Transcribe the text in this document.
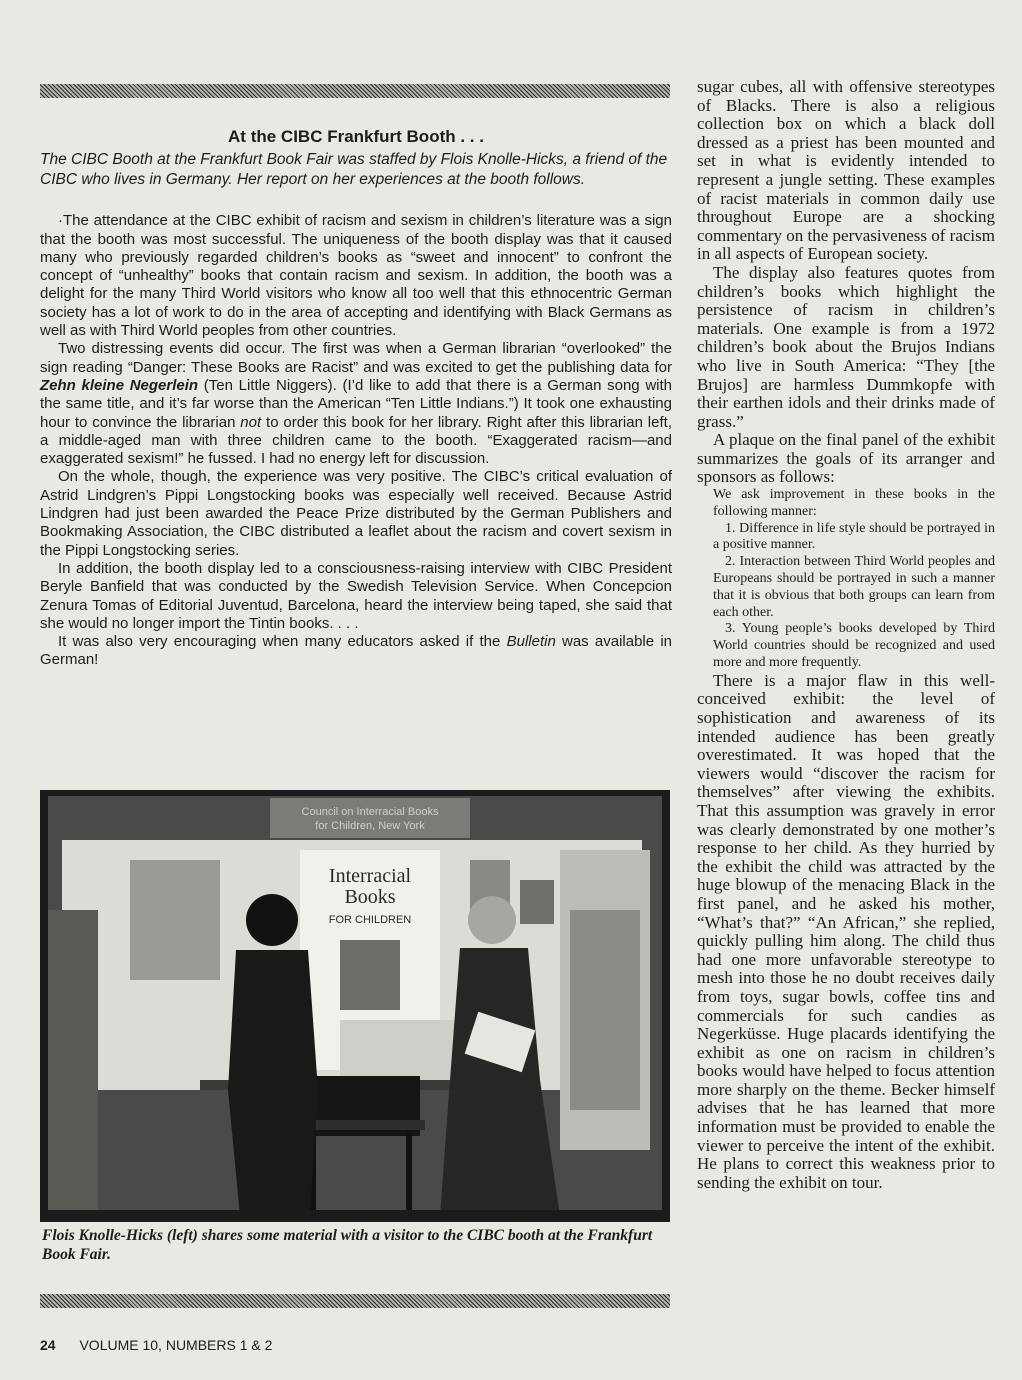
At the CIBC Frankfurt Booth . . .

The CIBC Booth at the Frankfurt Book Fair was staffed by Flois Knolle-Hicks, a friend of the CIBC who lives in Germany. Her report on her experiences at the booth follows.

·The attendance at the CIBC exhibit of racism and sexism in children’s literature was a sign that the booth was most successful. The uniqueness of the booth display was that it caused many who previously regarded children’s books as “sweet and innocent” to confront the concept of “unhealthy” books that contain racism and sexism. In addition, the booth was a delight for the many Third World visitors who know all too well that this ethnocentric German society has a lot of work to do in the area of accepting and identifying with Black Germans as well as with Third World peoples from other countries.

Two distressing events did occur. The first was when a German librarian “overlooked” the sign reading “Danger: These Books are Racist” and was excited to get the publishing data for Zehn kleine Negerlein (Ten Little Niggers). (I’d like to add that there is a German song with the same title, and it’s far worse than the American “Ten Little Indians.”) It took one exhausting hour to convince the librarian not to order this book for her library. Right after this librarian left, a middle-aged man with three children came to the booth. “Exaggerated racism—and exaggerated sexism!” he fussed. I had no energy left for discussion.

On the whole, though, the experience was very positive. The CIBC’s critical evaluation of Astrid Lindgren’s Pippi Longstocking books was especially well received. Because Astrid Lindgren had just been awarded the Peace Prize distributed by the German Publishers and Bookmaking Association, the CIBC distributed a leaflet about the racism and covert sexism in the Pippi Longstocking series.

In addition, the booth display led to a consciousness-raising interview with CIBC President Beryle Banfield that was conducted by the Swedish Television Service. When Concepcion Zenura Tomas of Editorial Juventud, Barcelona, heard the interview being taped, she said that she would no longer import the Tintin books. . . .

It was also very encouraging when many educators asked if the Bulletin was available in German!

Council on Interracial Books
for Children, New York
Interracial
Books
FOR CHILDREN
Flois Knolle-Hicks (left) shares some material with a visitor to the CIBC booth at the Frankfurt Book Fair.

sugar cubes, all with offensive stereotypes of Blacks. There is also a religious collection box on which a black doll dressed as a priest has been mounted and set in what is evidently intended to represent a jungle setting. These examples of racist materials in common daily use throughout Europe are a shocking commentary on the pervasiveness of racism in all aspects of European society.

The display also features quotes from children’s books which highlight the persistence of racism in children’s materials. One example is from a 1972 children’s book about the Brujos Indians who live in South America: “They [the Brujos] are harmless Dummkopfe with their earthen idols and their drinks made of grass.”

A plaque on the final panel of the exhibit summarizes the goals of its arranger and sponsors as follows:

We ask improvement in these books in the following manner:

1. Difference in life style should be portrayed in a positive manner.

2. Interaction between Third World peoples and Europeans should be portrayed in such a manner that it is obvious that both groups can learn from each other.

3. Young people’s books developed by Third World countries should be recognized and used more and more frequently.

There is a major flaw in this well-conceived exhibit: the level of sophistication and awareness of its intended audience has been greatly overestimated. It was hoped that the viewers would “discover the racism for themselves” after viewing the exhibits. That this assumption was gravely in error was clearly demonstrated by one mother’s response to her child. As they hurried by the exhibit the child was attracted by the huge blowup of the menacing Black in the first panel, and he asked his mother, “What’s that?” “An African,” she replied, quickly pulling him along. The child thus had one more unfavorable stereotype to mesh into those he no doubt receives daily from toys, sugar bowls, coffee tins and commercials for such candies as Negerküsse. Huge placards identifying the exhibit as one on racism in children’s books would have helped to focus attention more sharply on the theme. Becker himself advises that he has learned that more information must be provided to enable the viewer to perceive the intent of the exhibit. He plans to correct this weakness prior to sending the exhibit on tour.

24 VOLUME 10, NUMBERS 1 & 2
